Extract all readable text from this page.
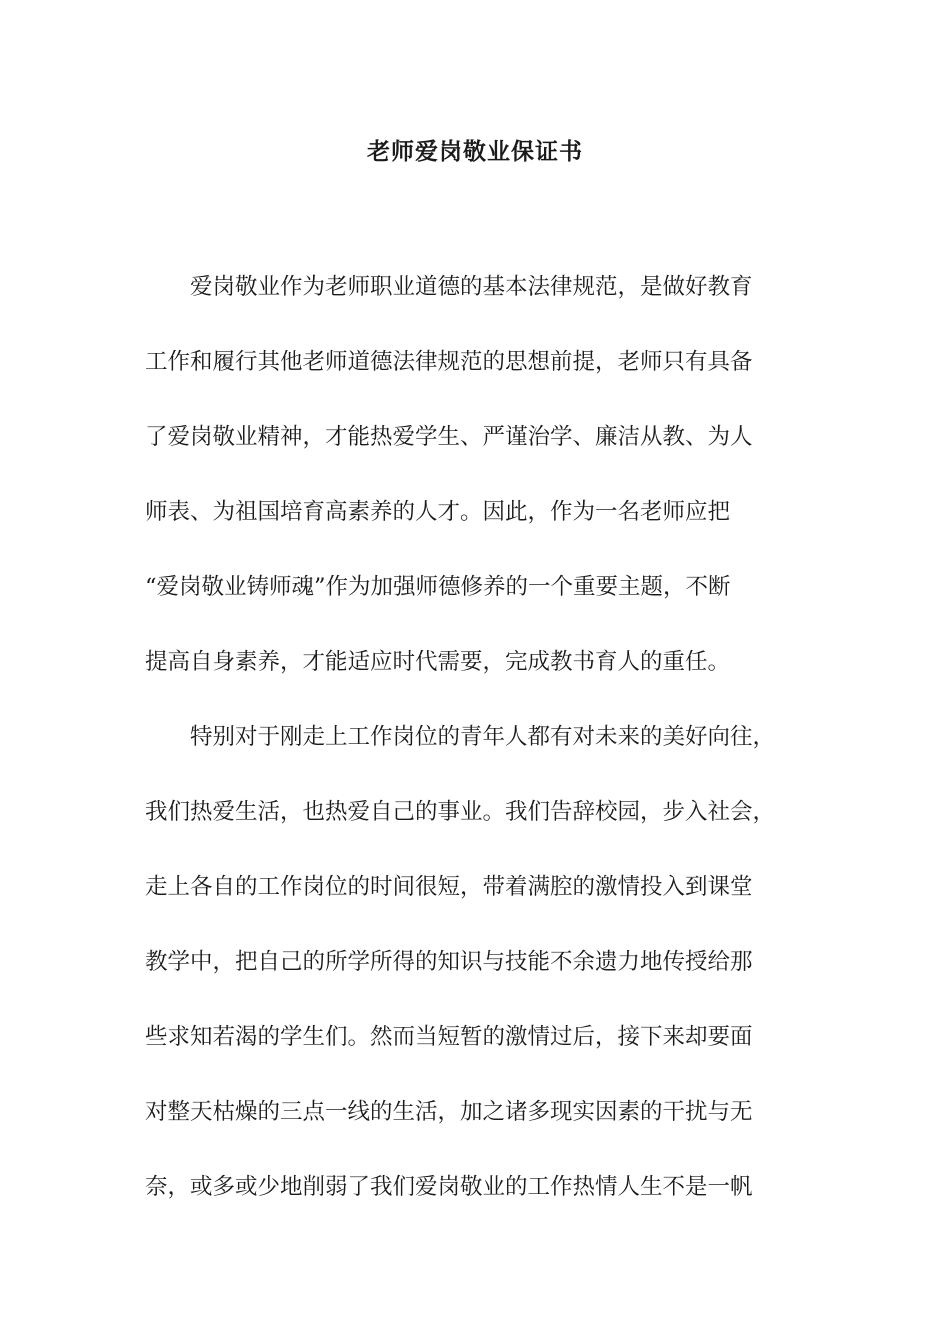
老师爱岗敬业保证书

爱岗敬业作为老师职业道德的基本法律规范，是做好教育
工作和履行其他老师道德法律规范的思想前提，老师只有具备
了爱岗敬业精神，才能热爱学生、严谨治学、廉洁从教、为人
师表、为祖国培育高素养的人才。因此，作为一名老师应把
“爱岗敬业铸师魂”作为加强师德修养的一个重要主题，不断
提高自身素养，才能适应时代需要，完成教书育人的重任。

特别对于刚走上工作岗位的青年人都有对未来的美好向往，
我们热爱生活，也热爱自己的事业。我们告辞校园，步入社会，
走上各自的工作岗位的时间很短，带着满腔的激情投入到课堂
教学中，把自己的所学所得的知识与技能不余遗力地传授给那
些求知若渴的学生们。然而当短暂的激情过后，接下来却要面
对整天枯燥的三点一线的生活，加之诸多现实因素的干扰与无
奈，或多或少地削弱了我们爱岗敬业的工作热情人生不是一帆
